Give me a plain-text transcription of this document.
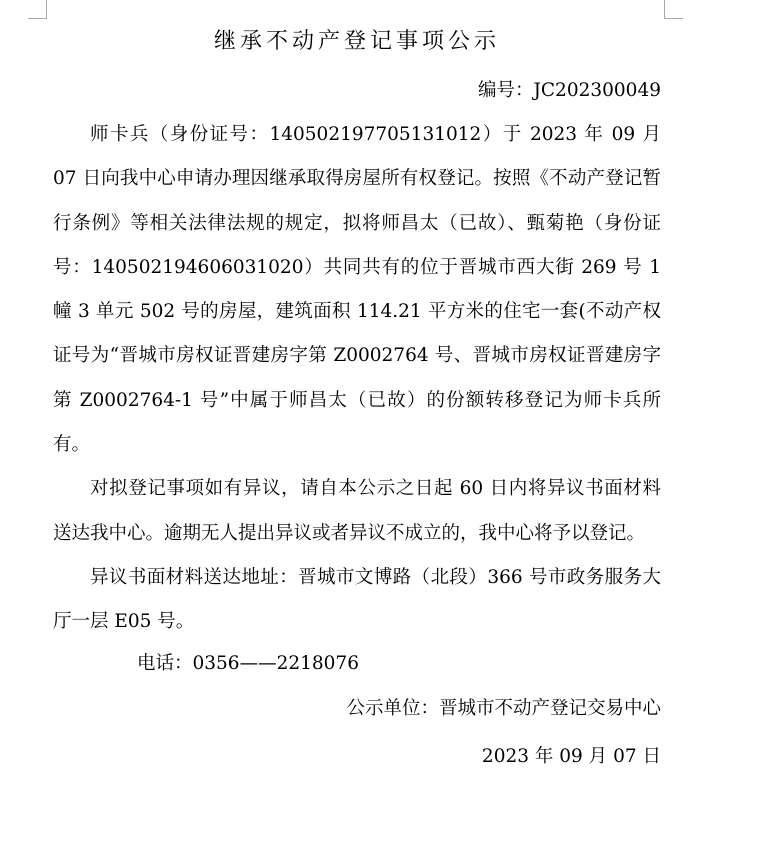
继承不动产登记事项公示
编号：JC202300049

师卡兵（身份证号：140502197705131012）于 2023 年 09 月 07 日向我中心申请办理因继承取得房屋所有权登记。按照《不动产登记暂行条例》等相关法律法规的规定，拟将师昌太（已故）、甄菊艳（身份证号：140502194606031020）共同共有的位于晋城市西大街 269 号 1 幢 3 单元 502 号的房屋，建筑面积 114.21 平方米的住宅一套(不动产权证号为“晋城市房权证晋建房字第 Z0002764 号、晋城市房权证晋建房字第 Z0002764-1 号”中属于师昌太（已故）的份额转移登记为师卡兵所有。

对拟登记事项如有异议，请自本公示之日起 60 日内将异议书面材料送达我中心。逾期无人提出异议或者异议不成立的，我中心将予以登记。

异议书面材料送达地址：晋城市文博路（北段）366 号市政务服务大厅一层 E05 号。

电话：0356——2218076
公示单位：晋城市不动产登记交易中心
2023 年 09 月 07 日
